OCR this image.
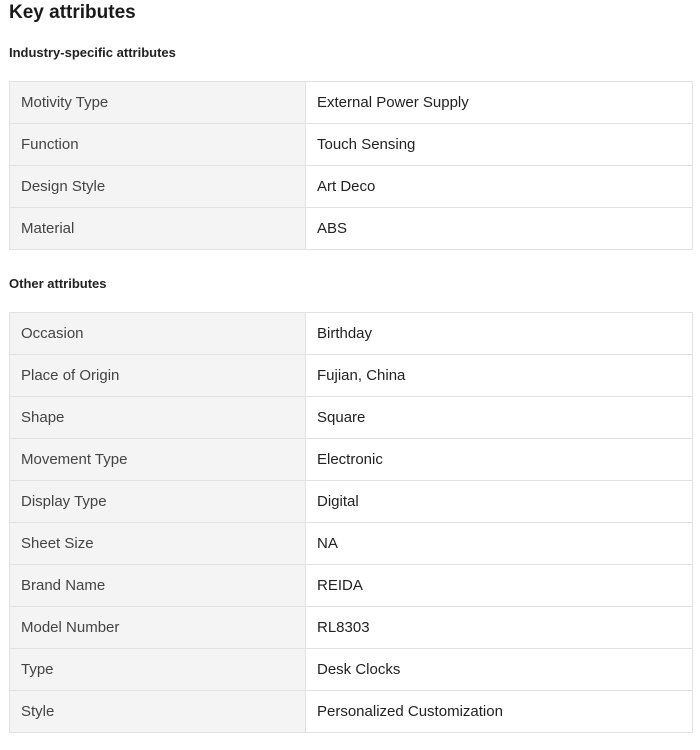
Key attributes
Industry-specific attributes
Motivity Type	External Power Supply
Function	Touch Sensing
Design Style	Art Deco
Material	ABS
Other attributes
Occasion	Birthday
Place of Origin	Fujian, China
Shape	Square
Movement Type	Electronic
Display Type	Digital
Sheet Size	NA
Brand Name	REIDA
Model Number	RL8303
Type	Desk Clocks
Style	Personalized Customization
